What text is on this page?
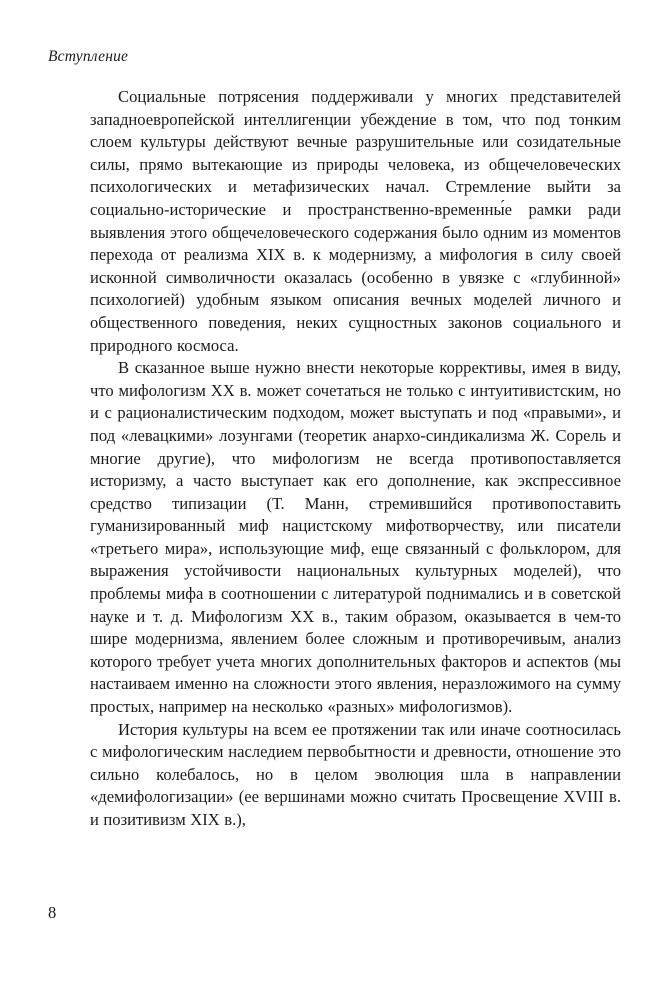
Вступление

Социальные потрясения поддерживали у многих представителей западноевропейской интеллигенции убеждение в том, что под тонким слоем культуры действуют вечные разрушительные или созидательные силы, прямо вытекающие из природы человека, из общечеловеческих психологических и метафизических начал. Стремление выйти за социально-исторические и пространственно-временны́е рамки ради выявления этого общечеловеческого содержания было одним из моментов перехода от реализма XIX в. к модернизму, а мифология в силу своей исконной символичности оказалась (особенно в увязке с «глубинной» психологией) удобным языком описания вечных моделей личного и общественного поведения, неких сущностных законов социального и природного космоса.

В сказанное выше нужно внести некоторые коррективы, имея в виду, что мифологизм XX в. может сочетаться не только с интуитивистским, но и с рационалистическим подходом, может выступать и под «правыми», и под «левацкими» лозунгами (теоретик анархо-синдикализма Ж. Сорель и многие другие), что мифологизм не всегда противопоставляется историзму, а часто выступает как его дополнение, как экспрессивное средство типизации (Т. Манн, стремившийся противопоставить гуманизированный миф нацистскому мифотворчеству, или писатели «третьего мира», использующие миф, еще связанный с фольклором, для выражения устойчивости национальных культурных моделей), что проблемы мифа в соотношении с литературой поднимались и в советской науке и т. д. Мифологизм XX в., таким образом, оказывается в чем-то шире модернизма, явлением более сложным и противоречивым, анализ которого требует учета многих дополнительных факторов и аспектов (мы настаиваем именно на сложности этого явления, неразложимого на сумму простых, например на несколько «разных» мифологизмов).

История культуры на всем ее протяжении так или иначе соотносилась с мифологическим наследием первобытности и древности, отношение это сильно колебалось, но в целом эволюция шла в направлении «демифологизации» (ее вершинами можно считать Просвещение XVIII в. и позитивизм XIX в.),

8
